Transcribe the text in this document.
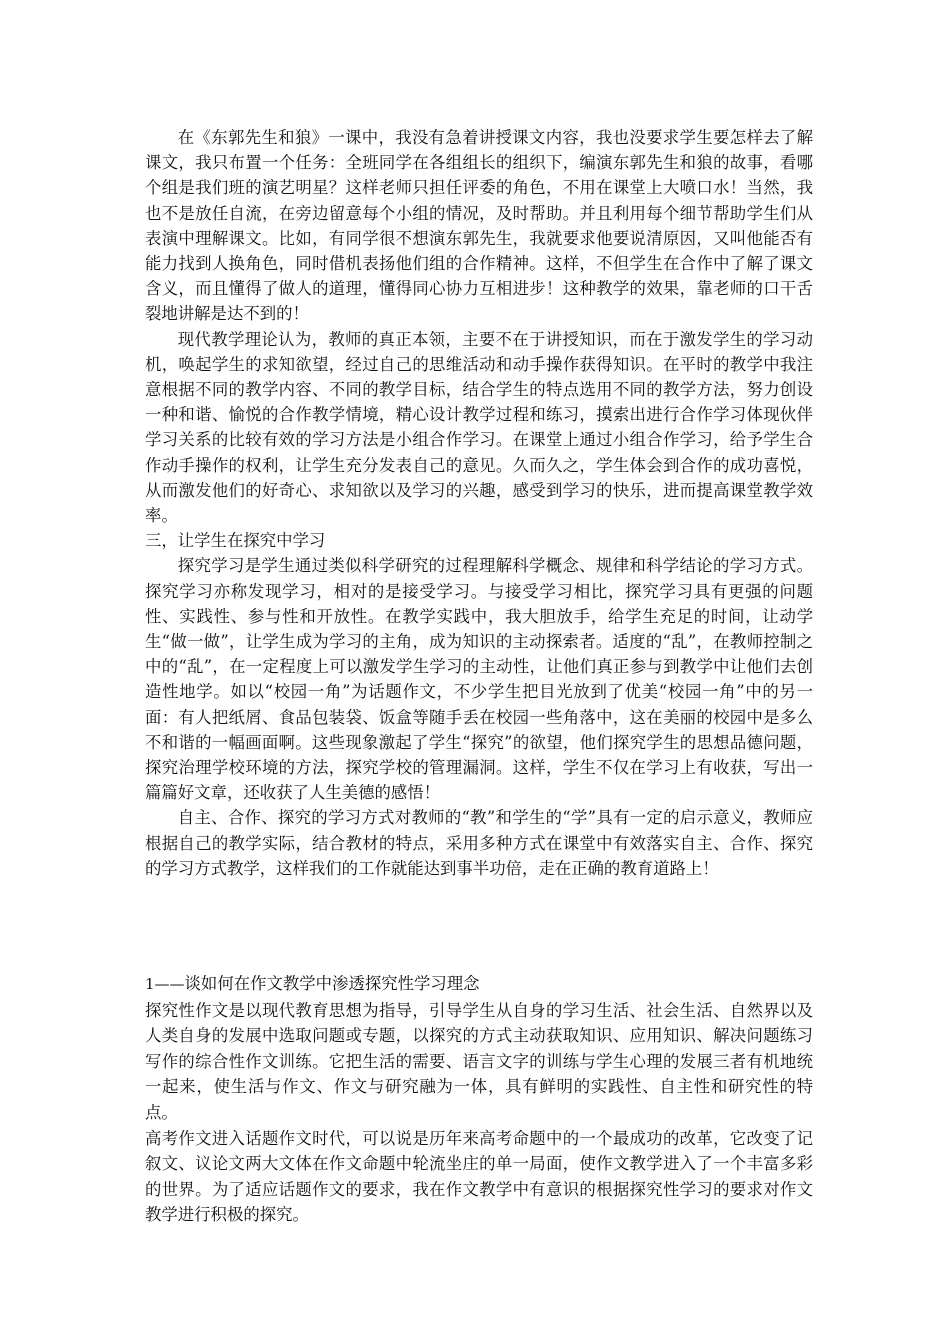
在《东郭先生和狼》一课中，我没有急着讲授课文内容，我也没要求学生要怎样去了解课文，我只布置一个任务：全班同学在各组组长的组织下，编演东郭先生和狼的故事，看哪个组是我们班的演艺明星？这样老师只担任评委的角色，不用在课堂上大喷口水！当然，我也不是放任自流，在旁边留意每个小组的情况，及时帮助。并且利用每个细节帮助学生们从表演中理解课文。比如，有同学很不想演东郭先生，我就要求他要说清原因，又叫他能否有能力找到人换角色，同时借机表扬他们组的合作精神。这样，不但学生在合作中了解了课文含义，而且懂得了做人的道理，懂得同心协力互相进步！这种教学的效果，靠老师的口干舌裂地讲解是达不到的！

现代教学理论认为，教师的真正本领，主要不在于讲授知识，而在于激发学生的学习动机，唤起学生的求知欲望，经过自己的思维活动和动手操作获得知识。在平时的教学中我注意根据不同的教学内容、不同的教学目标，结合学生的特点选用不同的教学方法，努力创设一种和谐、愉悦的合作教学情境，精心设计教学过程和练习，摸索出进行合作学习体现伙伴学习关系的比较有效的学习方法是小组合作学习。在课堂上通过小组合作学习，给予学生合作动手操作的权利，让学生充分发表自己的意见。久而久之，学生体会到合作的成功喜悦，从而激发他们的好奇心、求知欲以及学习的兴趣，感受到学习的快乐，进而提高课堂教学效率。

三，让学生在探究中学习

探究学习是学生通过类似科学研究的过程理解科学概念、规律和科学结论的学习方式。探究学习亦称发现学习，相对的是接受学习。与接受学习相比，探究学习具有更强的问题性、实践性、参与性和开放性。在教学实践中，我大胆放手，给学生充足的时间，让动学生“做一做”，让学生成为学习的主角，成为知识的主动探索者。适度的“乱”，在教师控制之中的“乱”，在一定程度上可以激发学生学习的主动性，让他们真正参与到教学中让他们去创造性地学。如以“校园一角”为话题作文，不少学生把目光放到了优美“校园一角”中的另一面：有人把纸屑、食品包装袋、饭盒等随手丢在校园一些角落中，这在美丽的校园中是多么不和谐的一幅画面啊。这些现象激起了学生“探究”的欲望，他们探究学生的思想品德问题，探究治理学校环境的方法，探究学校的管理漏洞。这样，学生不仅在学习上有收获，写出一篇篇好文章，还收获了人生美德的感悟！

自主、合作、探究的学习方式对教师的“教”和学生的“学”具有一定的启示意义，教师应根据自己的教学实际，结合教材的特点，采用多种方式在课堂中有效落实自主、合作、探究的学习方式教学，这样我们的工作就能达到事半功倍，走在正确的教育道路上！

1——谈如何在作文教学中渗透探究性学习理念

探究性作文是以现代教育思想为指导，引导学生从自身的学习生活、社会生活、自然界以及人类自身的发展中选取问题或专题，以探究的方式主动获取知识、应用知识、解决问题练习写作的综合性作文训练。它把生活的需要、语言文字的训练与学生心理的发展三者有机地统一起来，使生活与作文、作文与研究融为一体，具有鲜明的实践性、自主性和研究性的特点。

高考作文进入话题作文时代，可以说是历年来高考命题中的一个最成功的改革，它改变了记叙文、议论文两大文体在作文命题中轮流坐庄的单一局面，使作文教学进入了一个丰富多彩的世界。为了适应话题作文的要求，我在作文教学中有意识的根据探究性学习的要求对作文教学进行积极的探究。
